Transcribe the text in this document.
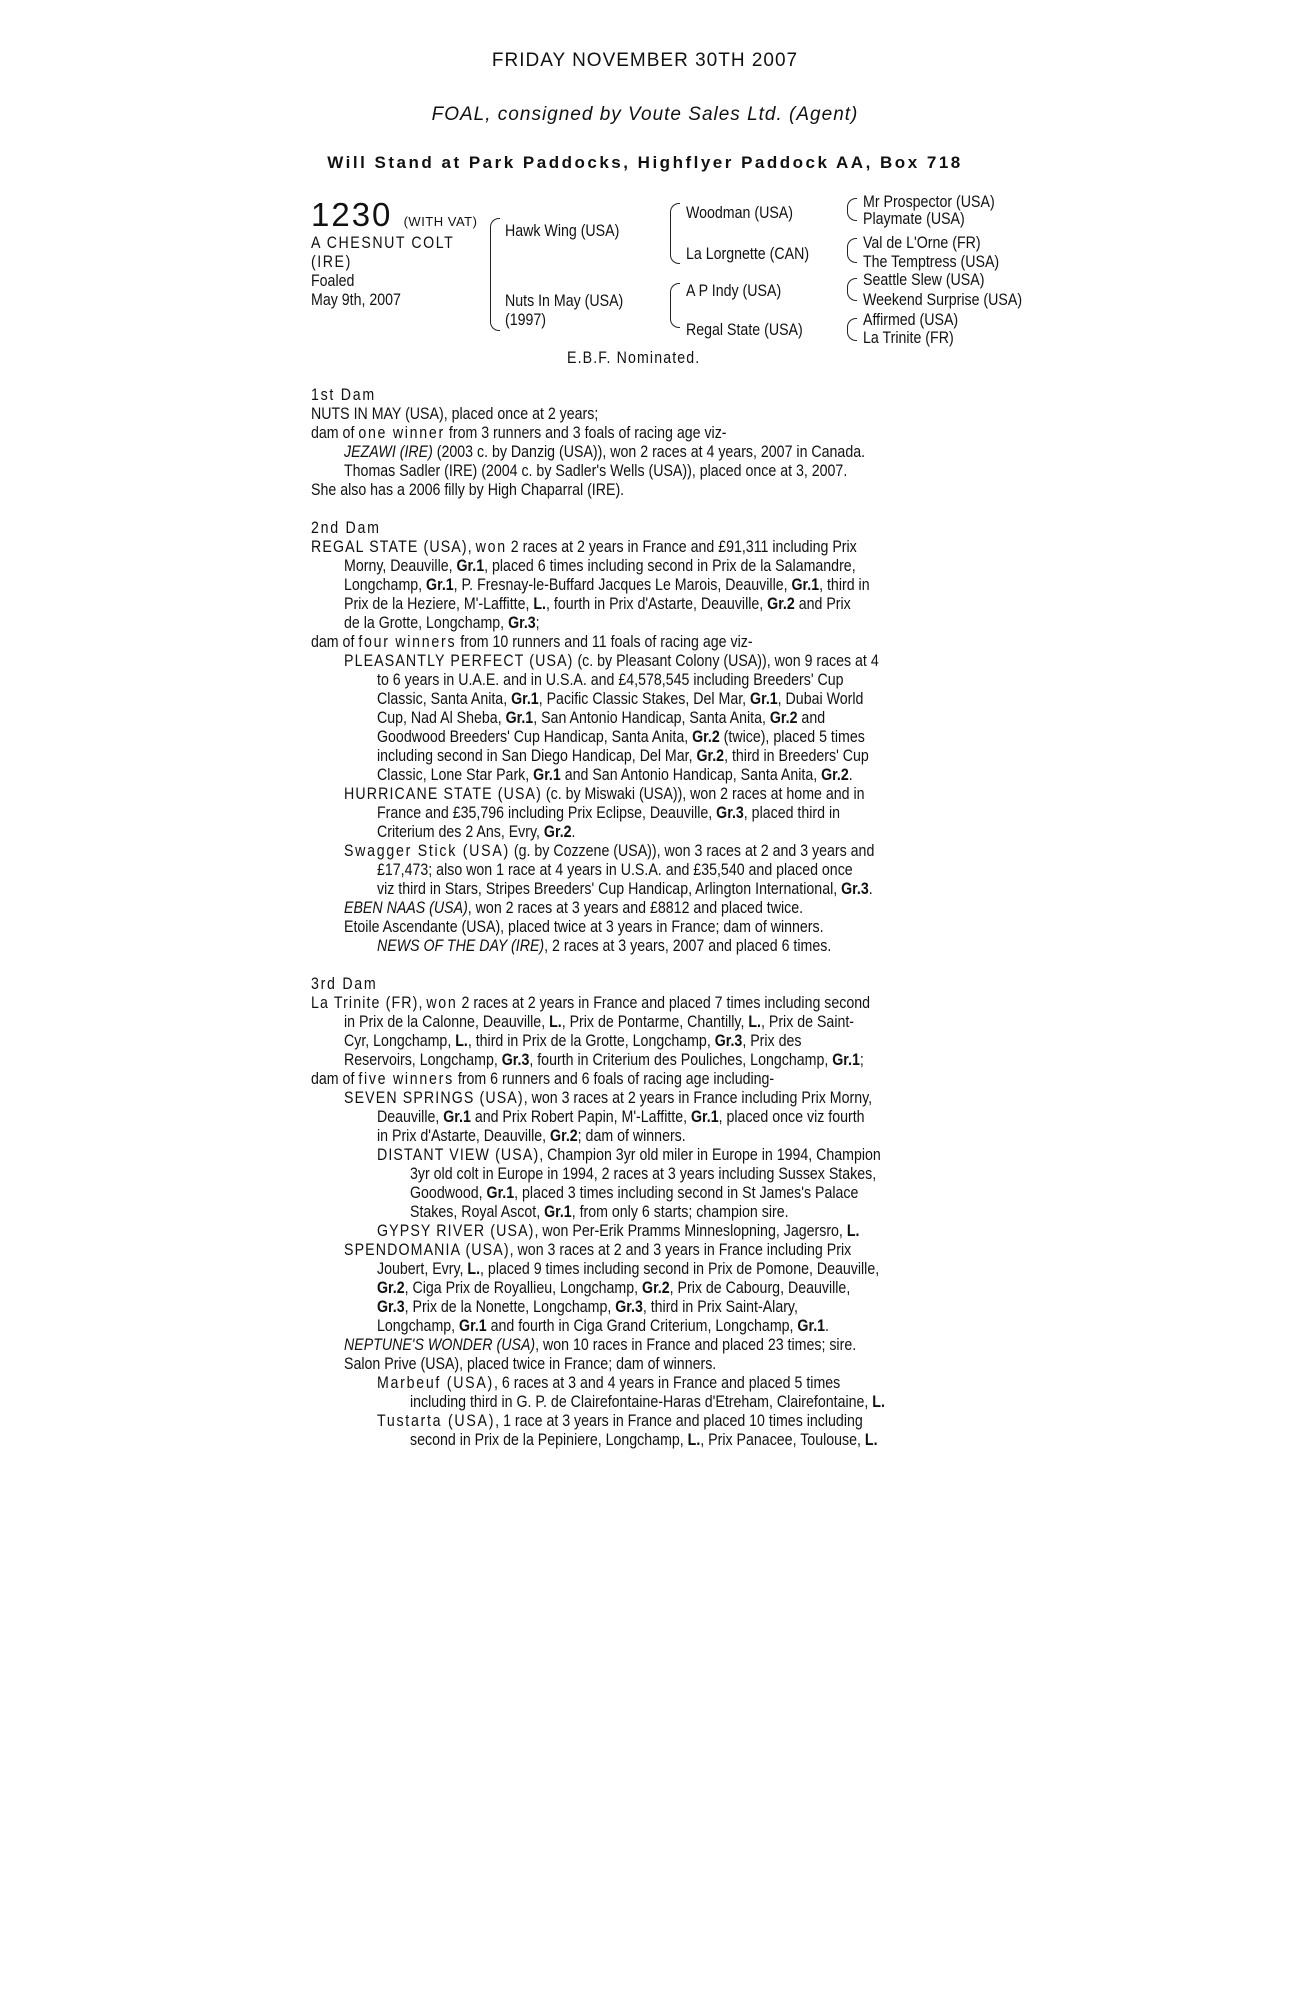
FRIDAY NOVEMBER 30TH 2007
FOAL, consigned by Voute Sales Ltd. (Agent)
Will Stand at Park Paddocks, Highflyer Paddock AA, Box 718
1230 (WITH VAT)
A CHESNUT COLT
(IRE)
Foaled
May 9th, 2007
Hawk Wing (USA)
Nuts In May (USA)
(1997)
Woodman (USA)
La Lorgnette (CAN)
A P Indy (USA)
Regal State (USA)
Mr Prospector (USA)
Playmate (USA)
Val de L'Orne (FR)
The Temptress (USA)
Seattle Slew (USA)
Weekend Surprise (USA)
Affirmed (USA)
La Trinite (FR)
E.B.F. Nominated.
1st Dam
NUTS IN MAY (USA), placed once at 2 years;
dam of one winner from 3 runners and 3 foals of racing age viz-
JEZAWI (IRE) (2003 c. by Danzig (USA)), won 2 races at 4 years, 2007 in Canada.
Thomas Sadler (IRE) (2004 c. by Sadler's Wells (USA)), placed once at 3, 2007.
She also has a 2006 filly by High Chaparral (IRE).
2nd Dam
REGAL STATE (USA), won 2 races at 2 years in France and £91,311 including Prix
Morny, Deauville, Gr.1, placed 6 times including second in Prix de la Salamandre,
Longchamp, Gr.1, P. Fresnay-le-Buffard Jacques Le Marois, Deauville, Gr.1, third in
Prix de la Heziere, M'-Laffitte, L., fourth in Prix d'Astarte, Deauville, Gr.2 and Prix
de la Grotte, Longchamp, Gr.3;
dam of four winners from 10 runners and 11 foals of racing age viz-
PLEASANTLY PERFECT (USA) (c. by Pleasant Colony (USA)), won 9 races at 4
to 6 years in U.A.E. and in U.S.A. and £4,578,545 including Breeders' Cup
Classic, Santa Anita, Gr.1, Pacific Classic Stakes, Del Mar, Gr.1, Dubai World
Cup, Nad Al Sheba, Gr.1, San Antonio Handicap, Santa Anita, Gr.2 and
Goodwood Breeders' Cup Handicap, Santa Anita, Gr.2 (twice), placed 5 times
including second in San Diego Handicap, Del Mar, Gr.2, third in Breeders' Cup
Classic, Lone Star Park, Gr.1 and San Antonio Handicap, Santa Anita, Gr.2.
HURRICANE STATE (USA) (c. by Miswaki (USA)), won 2 races at home and in
France and £35,796 including Prix Eclipse, Deauville, Gr.3, placed third in
Criterium des 2 Ans, Evry, Gr.2.
Swagger Stick (USA) (g. by Cozzene (USA)), won 3 races at 2 and 3 years and
£17,473; also won 1 race at 4 years in U.S.A. and £35,540 and placed once
viz third in Stars, Stripes Breeders' Cup Handicap, Arlington International, Gr.3.
EBEN NAAS (USA), won 2 races at 3 years and £8812 and placed twice.
Etoile Ascendante (USA), placed twice at 3 years in France; dam of winners.
NEWS OF THE DAY (IRE), 2 races at 3 years, 2007 and placed 6 times.
3rd Dam
La Trinite (FR), won 2 races at 2 years in France and placed 7 times including second
in Prix de la Calonne, Deauville, L., Prix de Pontarme, Chantilly, L., Prix de Saint-
Cyr, Longchamp, L., third in Prix de la Grotte, Longchamp, Gr.3, Prix des
Reservoirs, Longchamp, Gr.3, fourth in Criterium des Pouliches, Longchamp, Gr.1;
dam of five winners from 6 runners and 6 foals of racing age including-
SEVEN SPRINGS (USA), won 3 races at 2 years in France including Prix Morny,
Deauville, Gr.1 and Prix Robert Papin, M'-Laffitte, Gr.1, placed once viz fourth
in Prix d'Astarte, Deauville, Gr.2; dam of winners.
DISTANT VIEW (USA), Champion 3yr old miler in Europe in 1994, Champion
3yr old colt in Europe in 1994, 2 races at 3 years including Sussex Stakes,
Goodwood, Gr.1, placed 3 times including second in St James's Palace
Stakes, Royal Ascot, Gr.1, from only 6 starts; champion sire.
GYPSY RIVER (USA), won Per-Erik Pramms Minneslopning, Jagersro, L.
SPENDOMANIA (USA), won 3 races at 2 and 3 years in France including Prix
Joubert, Evry, L., placed 9 times including second in Prix de Pomone, Deauville,
Gr.2, Ciga Prix de Royallieu, Longchamp, Gr.2, Prix de Cabourg, Deauville,
Gr.3, Prix de la Nonette, Longchamp, Gr.3, third in Prix Saint-Alary,
Longchamp, Gr.1 and fourth in Ciga Grand Criterium, Longchamp, Gr.1.
NEPTUNE'S WONDER (USA), won 10 races in France and placed 23 times; sire.
Salon Prive (USA), placed twice in France; dam of winners.
Marbeuf (USA), 6 races at 3 and 4 years in France and placed 5 times
including third in G. P. de Clairefontaine-Haras d'Etreham, Clairefontaine, L.
Tustarta (USA), 1 race at 3 years in France and placed 10 times including
second in Prix de la Pepiniere, Longchamp, L., Prix Panacee, Toulouse, L.
